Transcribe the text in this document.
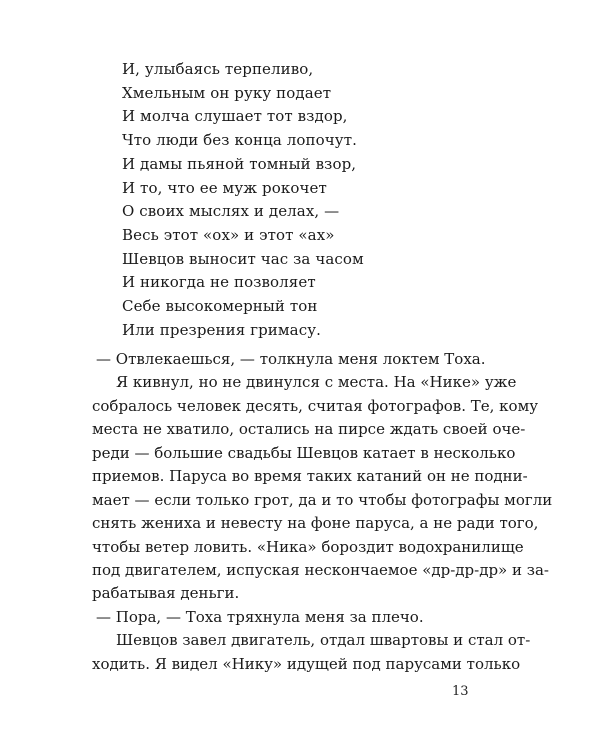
И, улыбаясь терпеливо,
Хмельным он руку подает
И молча слушает тот вздор,
Что люди без конца лопочут.
И дамы пьяной томный взор,
И то, что ее муж рокочет
О своих мыслях и делах, —
Весь этот «ох» и этот «ах»
Шевцов выносит час за часом
И никогда не позволяет
Себе высокомерный тон
Или презрения гримасу.
— Отвлекаешься, — толкнула меня локтем Тоха.
Я кивнул, но не двинулся с места. На «Нике» уже
собралось человек десять, считая фотографов. Те, кому
места не хватило, остались на пирсе ждать своей оче-
реди — большие свадьбы Шевцов катает в несколько
приемов. Паруса во время таких катаний он не подни-
мает — если только грот, да и то чтобы фотографы могли
снять жениха и невесту на фоне паруса, а не ради того,
чтобы ветер ловить. «Ника» бороздит водохранилище
под двигателем, испуская нескончаемое «др-др-др» и за-
рабатывая деньги.
— Пора, — Тоха тряхнула меня за плечо.
Шевцов завел двигатель, отдал швартовы и стал от-
ходить. Я видел «Нику» идущей под парусами только
13
